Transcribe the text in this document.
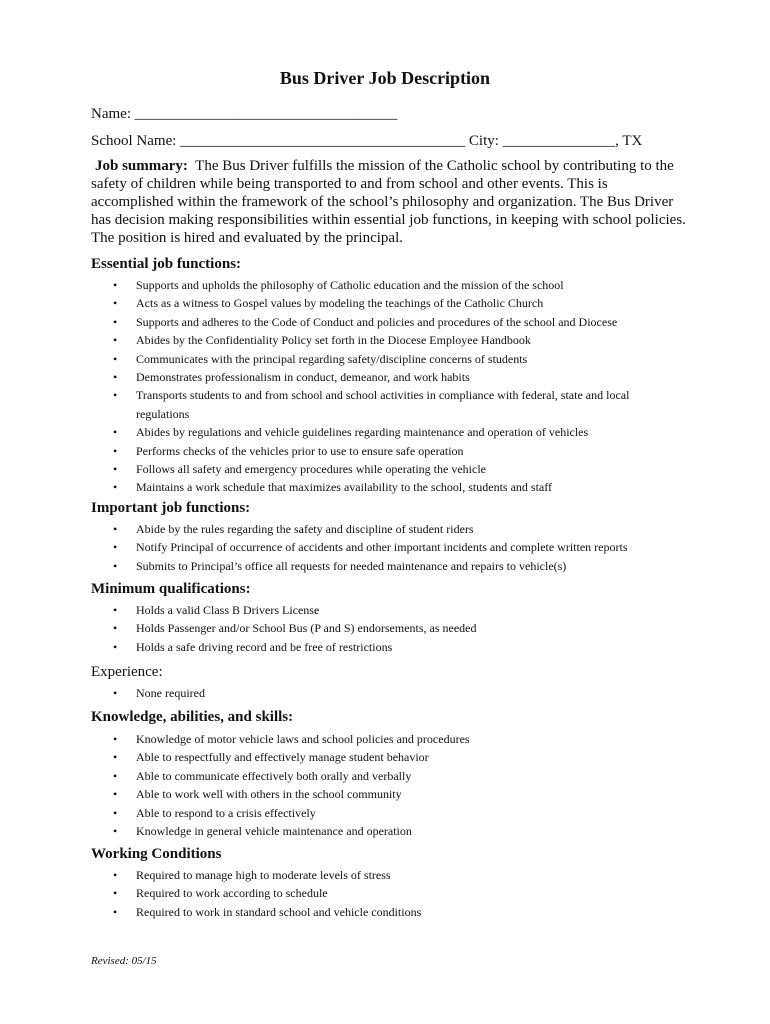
Bus Driver Job Description

Name: ___________________________________

School Name: ______________________________________ City: _______________, TX

Job summary: The Bus Driver fulfills the mission of the Catholic school by contributing to the safety of children while being transported to and from school and other events. This is accomplished within the framework of the school’s philosophy and organization. The Bus Driver has decision making responsibilities within essential job functions, in keeping with school policies. The position is hired and evaluated by the principal.

Essential job functions:
• Supports and upholds the philosophy of Catholic education and the mission of the school
• Acts as a witness to Gospel values by modeling the teachings of the Catholic Church
• Supports and adheres to the Code of Conduct and policies and procedures of the school and Diocese
• Abides by the Confidentiality Policy set forth in the Diocese Employee Handbook
• Communicates with the principal regarding safety/discipline concerns of students
• Demonstrates professionalism in conduct, demeanor, and work habits
• Transports students to and from school and school activities in compliance with federal, state and local regulations
• Abides by regulations and vehicle guidelines regarding maintenance and operation of vehicles
• Performs checks of the vehicles prior to use to ensure safe operation
• Follows all safety and emergency procedures while operating the vehicle
• Maintains a work schedule that maximizes availability to the school, students and staff
Important job functions:
• Abide by the rules regarding the safety and discipline of student riders
• Notify Principal of occurrence of accidents and other important incidents and complete written reports
• Submits to Principal’s office all requests for needed maintenance and repairs to vehicle(s)
Minimum qualifications:
• Holds a valid Class B Drivers License
• Holds Passenger and/or School Bus (P and S) endorsements, as needed
• Holds a safe driving record and be free of restrictions
Experience:
• None required
Knowledge, abilities, and skills:
• Knowledge of motor vehicle laws and school policies and procedures
• Able to respectfully and effectively manage student behavior
• Able to communicate effectively both orally and verbally
• Able to work well with others in the school community
• Able to respond to a crisis effectively
• Knowledge in general vehicle maintenance and operation
Working Conditions
• Required to manage high to moderate levels of stress
• Required to work according to schedule
• Required to work in standard school and vehicle conditions

Revised: 05/15
